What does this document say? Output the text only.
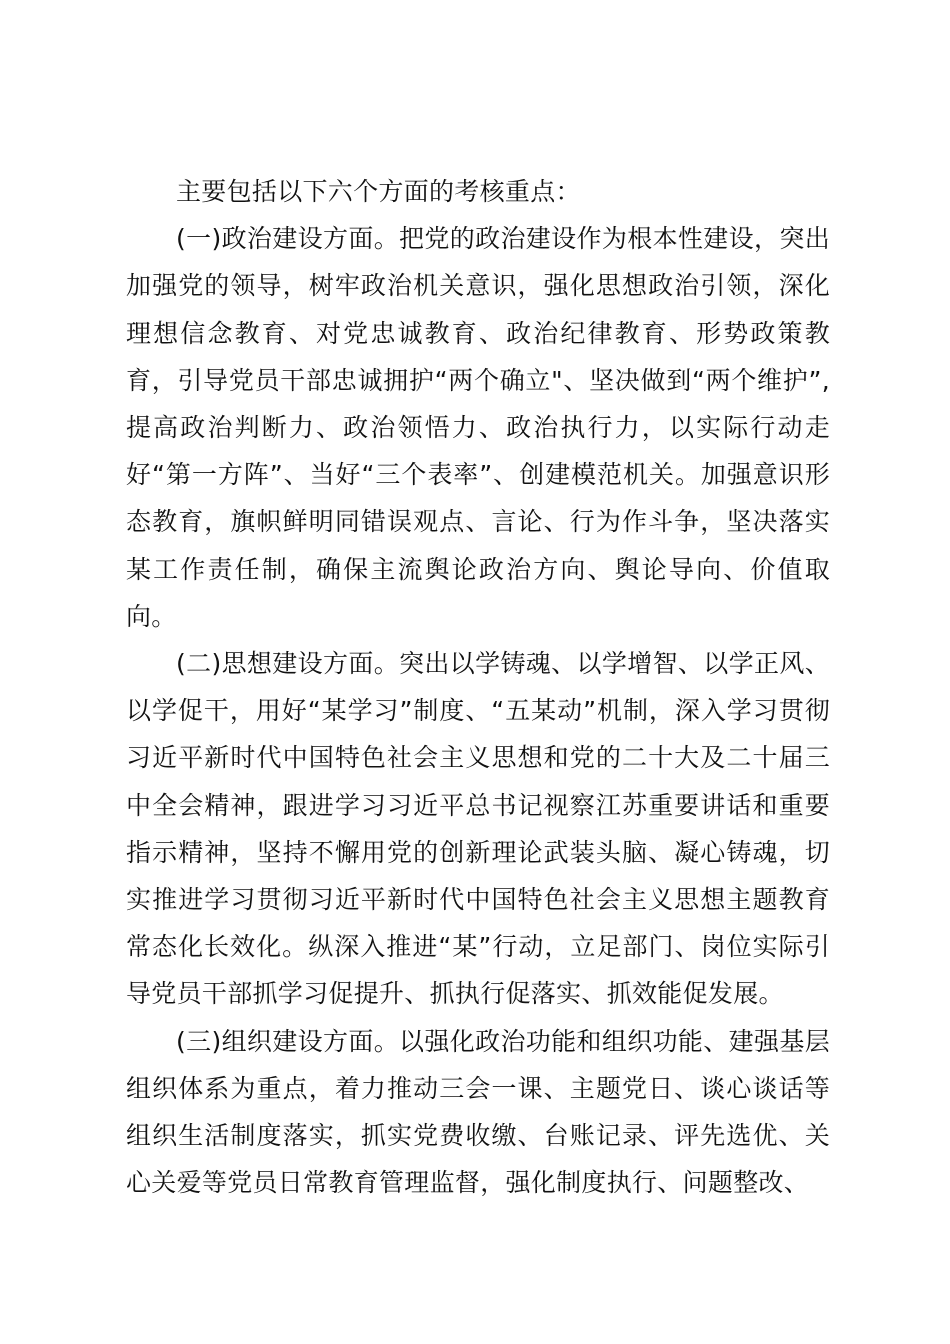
主要包括以下六个方面的考核重点：

(一)政治建设方面。把党的政治建设作为根本性建设，突出加强党的领导，树牢政治机关意识，强化思想政治引领，深化理想信念教育、对党忠诚教育、政治纪律教育、形势政策教育，引导党员干部忠诚拥护“两个确立"、坚决做到“两个维护”,提高政治判断力、政治领悟力、政治执行力，以实际行动走好“第一方阵”、当好“三个表率”、创建模范机关。加强意识形态教育，旗帜鲜明同错误观点、言论、行为作斗争，坚决落实某工作责任制，确保主流舆论政治方向、舆论导向、价值取向。

(二)思想建设方面。突出以学铸魂、以学增智、以学正风、以学促干，用好“某学习”制度、“五某动”机制，深入学习贯彻习近平新时代中国特色社会主义思想和党的二十大及二十届三中全会精神，跟进学习习近平总书记视察江苏重要讲话和重要指示精神，坚持不懈用党的创新理论武装头脑、凝心铸魂，切实推进学习贯彻习近平新时代中国特色社会主义思想主题教育常态化长效化。纵深入推进“某”行动，立足部门、岗位实际引导党员干部抓学习促提升、抓执行促落实、抓效能促发展。

(三)组织建设方面。以强化政治功能和组织功能、建强基层组织体系为重点，着力推动三会一课、主题党日、谈心谈话等组织生活制度落实，抓实党费收缴、台账记录、评先选优、关心关爱等党员日常教育管理监督，强化制度执行、问题整改、
